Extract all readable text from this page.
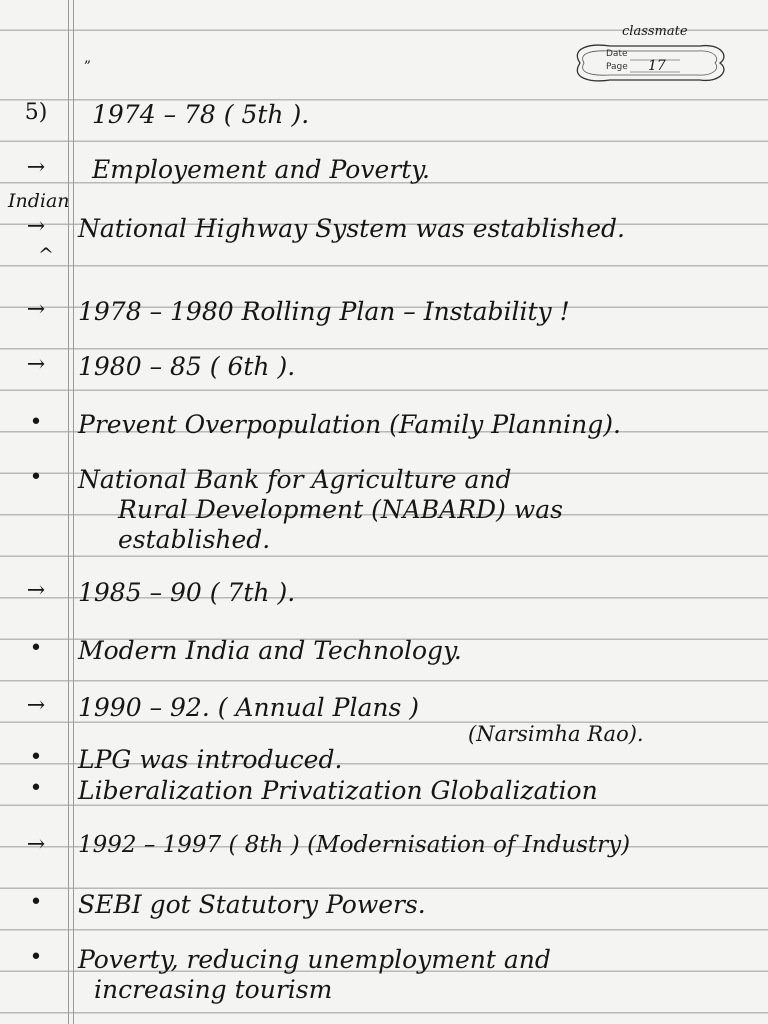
„
classmate
Date
Page 17
5)	1974 – 78 ( 5th ).
→	Employement and Poverty.
Indian
→	National Highway System was established.
^
→	1978 – 1980 Rolling Plan – Instability !
→	1980 – 85 ( 6th ).
•	Prevent Overpopulation (Family Planning).
•	National Bank for Agriculture and
Rural Development (NABARD) was
established.
→	1985 – 90 ( 7th ).
•	Modern India and Technology.
→	1990 – 92. ( Annual Plans )
(Narsimha Rao).
•	LPG was introduced.
•	Liberalization Privatization Globalization
→	1992 – 1997 ( 8th ) (Modernisation of Industry)
•	SEBI got Statutory Powers.
•	Poverty, reducing unemployment and
increasing tourism
